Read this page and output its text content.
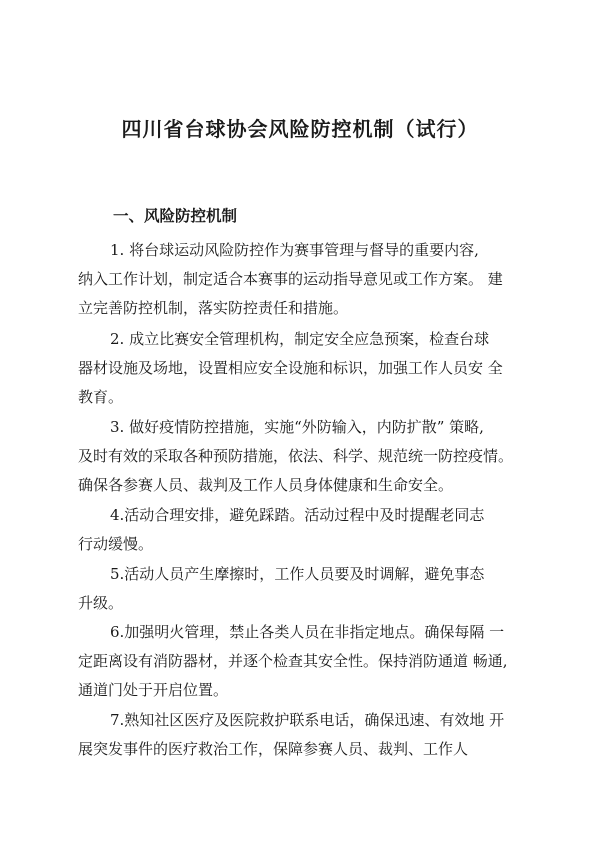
四川省台球协会风险防控机制（试行）
一、风险防控机制

1. 将台球运动风险防控作为赛事管理与督导的重要内容,
纳入工作计划，制定适合本赛事的运动指导意见或工作方案。 建
立完善防控机制，落实防控责任和措施。

2. 成立比赛安全管理机构，制定安全应急预案，检查台球
器材设施及场地，设置相应安全设施和标识，加强工作人员安 全
教育。

3. 做好疫情防控措施，实施“外防输入，内防扩散” 策略,
及时有效的采取各种预防措施，依法、科学、规范统一防控疫情。
确保各参赛人员、裁判及工作人员身体健康和生命安全。

4.活动合理安排，避免踩踏。活动过程中及时提醒老同志
行动缓慢。

5.活动人员产生摩擦时，工作人员要及时调解，避免事态
升级。

6.加强明火管理，禁止各类人员在非指定地点。确保每隔 一
定距离设有消防器材，并逐个检查其安全性。保持消防通道 畅通,
通道门处于开启位置。

7.熟知社区医疗及医院救护联系电话，确保迅速、有效地 开
展突发事件的医疗救治工作，保障参赛人员、裁判、工作人
